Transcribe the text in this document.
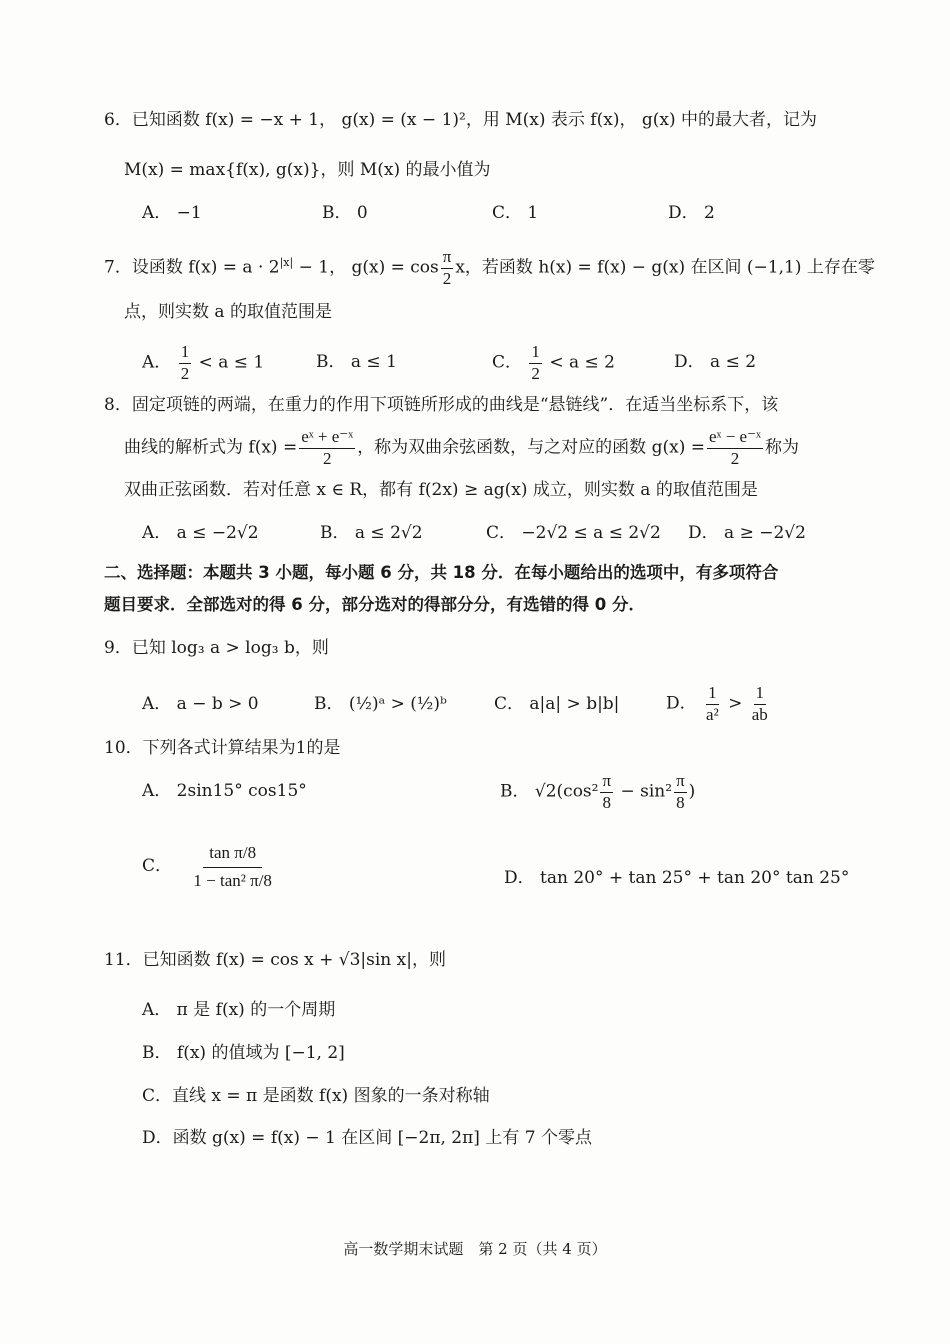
6．已知函数 f(x) = −x + 1， g(x) = (x − 1)²，用 M(x) 表示 f(x)， g(x) 中的最大者，记为
M(x) = max{f(x), g(x)}，则 M(x) 的最小值为
A． −1	B． 0	C． 1	D． 2
7．设函数 $f(x) = a \cdot 2^{|x|} - 1$， $g(x) = \cos \frac{\pi}{2}$ x，若函数 h(x) = f(x) − g(x) 在区间 (−1,1) 上存在零
点，则实数 a 的取值范围是
A． $\frac{1}{2} < a \le 1$	B． a ≤ 1	C． $\frac{1}{2} < a \le 2$	D． a ≤ 2
8．固定项链的两端，在重力的作用下项链所形成的曲线是“悬链线”．在适当坐标系下，该
曲线的解析式为 $f(x) = \frac{\text{eˣ + e⁻ˣ}}{2}$ ，称为双曲余弦函数，与之对应的函数 $g(x) = \frac{\text{eˣ − e⁻ˣ}}{2}$ 称为
双曲正弦函数．若对任意 x ∈ R，都有 f(2x) ≥ ag(x) 成立，则实数 a 的取值范围是
A． a ≤ −2√2	B． a ≤ 2√2	C． −2√2 ≤ a ≤ 2√2 D． a ≥ −2√2
二、选择题：本题共 3 小题，每小题 6 分，共 18 分．在每小题给出的选项中，有多项符合
题目要求．全部选对的得 6 分，部分选对的得部分分，有选错的得 0 分．
9．已知 log₃ a > log₃ b，则
A． a − b > 0	B． (½)ᵃ > (½)ᵇ	C． a|a| > b|b|	D． $\frac{1}{\text{a²}} > \frac{1}{ab}$
10．下列各式计算结果为1的是
A． 2sin15° cos15°	B． $√2(\cos^2 \frac{\pi}{8} - \sin^2 \frac{\pi}{8}$ )
C． $\frac{\text{tan π/8}}{\text{1 − tan² π/8}}$	D． tan 20° + tan 25° + tan 20° tan 25°
11．已知函数 f(x) = cos x + √3|sin x|，则
A． π 是 f(x) 的一个周期
B． f(x) 的值域为 [−1, 2]
C．直线 x = π 是函数 f(x) 图象的一条对称轴
D．函数 g(x) = f(x) − 1 在区间 [−2π, 2π] 上有 7 个零点
高一数学期末试题　第 2 页（共 4 页）
